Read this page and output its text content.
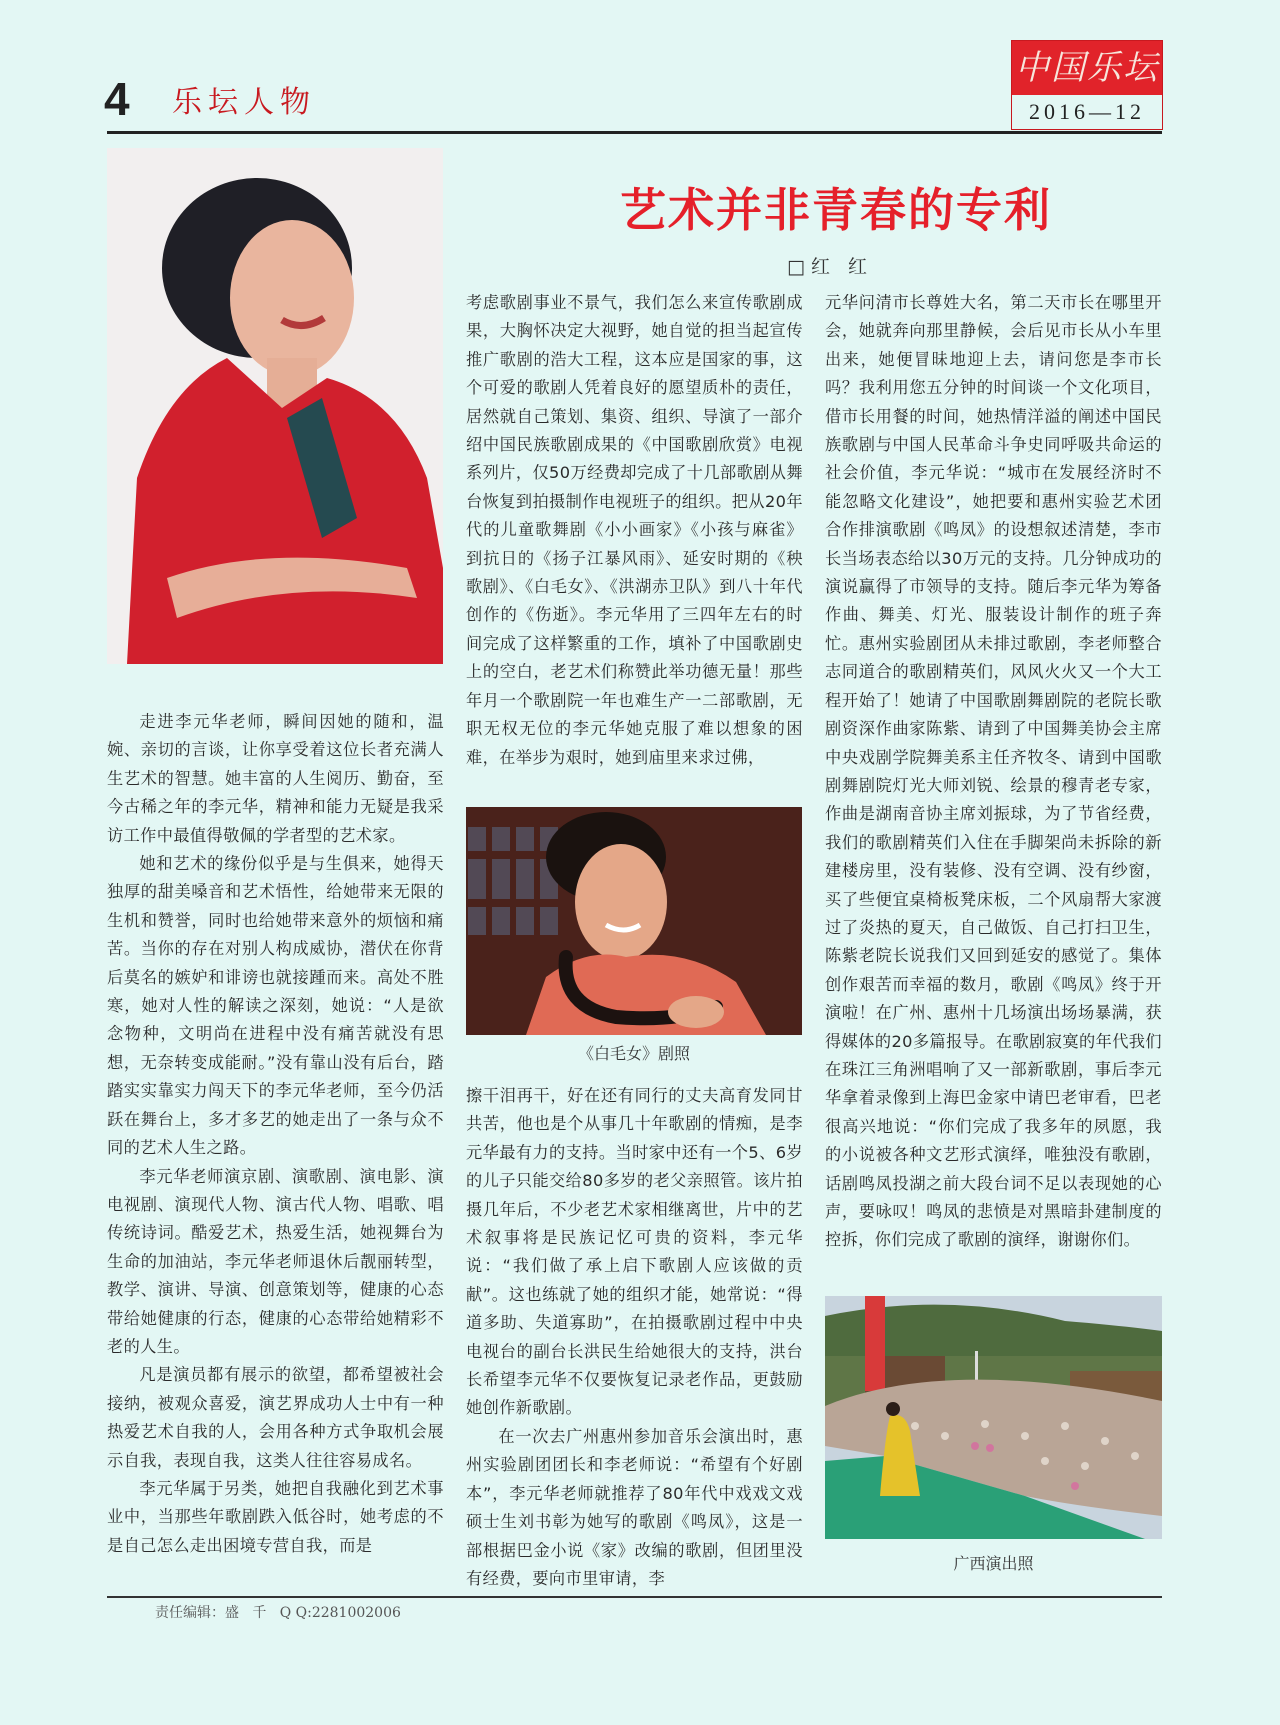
4 乐坛人物
中国乐坛
2016—12
艺术并非青春的专利
□红 红

走进李元华老师，瞬间因她的随和，温婉、亲切的言谈，让你享受着这位长者充满人生艺术的智慧。她丰富的人生阅历、勤奋，至今古稀之年的李元华，精神和能力无疑是我采访工作中最值得敬佩的学者型的艺术家。

她和艺术的缘份似乎是与生俱来，她得天独厚的甜美嗓音和艺术悟性，给她带来无限的生机和赞誉，同时也给她带来意外的烦恼和痛苦。当你的存在对别人构成威协，潜伏在你背后莫名的嫉妒和诽谤也就接踵而来。高处不胜寒，她对人性的解读之深刻，她说：“人是欲念物种，文明尚在进程中没有痛苦就没有思想，无奈转变成能耐。”没有靠山没有后台，踏踏实实靠实力闯天下的李元华老师，至今仍活跃在舞台上，多才多艺的她走出了一条与众不同的艺术人生之路。

李元华老师演京剧、演歌剧、演电影、演电视剧、演现代人物、演古代人物、唱歌、唱传统诗词。酷爱艺术，热爱生活，她视舞台为生命的加油站，李元华老师退休后靓丽转型，教学、演讲、导演、创意策划等，健康的心态带给她健康的行态，健康的心态带给她精彩不老的人生。

凡是演员都有展示的欲望，都希望被社会接纳，被观众喜爱，演艺界成功人士中有一种热爱艺术自我的人，会用各种方式争取机会展示自我，表现自我，这类人往往容易成名。

李元华属于另类，她把自我融化到艺术事业中，当那些年歌剧跌入低谷时，她考虑的不是自己怎么走出困境专营自我，而是

考虑歌剧事业不景气，我们怎么来宣传歌剧成果，大胸怀决定大视野，她自觉的担当起宣传推广歌剧的浩大工程，这本应是国家的事，这个可爱的歌剧人凭着良好的愿望质朴的责任，居然就自己策划、集资、组织、导演了一部介绍中国民族歌剧成果的《中国歌剧欣赏》电视系列片，仅50万经费却完成了十几部歌剧从舞台恢复到拍摄制作电视班子的组织。把从20年代的儿童歌舞剧《小小画家》《小孩与麻雀》到抗日的《扬子江暴风雨》、延安时期的《秧歌剧》、《白毛女》、《洪湖赤卫队》到八十年代创作的《伤逝》。李元华用了三四年左右的时间完成了这样繁重的工作，填补了中国歌剧史上的空白，老艺术们称赞此举功德无量！那些年月一个歌剧院一年也难生产一二部歌剧，无职无权无位的李元华她克服了难以想象的困难，在举步为艰时，她到庙里来求过佛，

《白毛女》剧照

擦干泪再干，好在还有同行的丈夫高育发同甘共苦，他也是个从事几十年歌剧的情痴，是李元华最有力的支持。当时家中还有一个5、6岁的儿子只能交给80多岁的老父亲照管。该片拍摄几年后，不少老艺术家相继离世，片中的艺术叙事将是民族记忆可贵的资料，李元华说：“我们做了承上启下歌剧人应该做的贡献”。这也练就了她的组织才能，她常说：“得道多助、失道寡助”，在拍摄歌剧过程中中央电视台的副台长洪民生给她很大的支持，洪台长希望李元华不仅要恢复记录老作品，更鼓励她创作新歌剧。

在一次去广州惠州参加音乐会演出时，惠州实验剧团团长和李老师说：“希望有个好剧本”，李元华老师就推荐了80年代中戏戏文戏硕士生刘书彰为她写的歌剧《鸣凤》，这是一部根据巴金小说《家》改编的歌剧，但团里没有经费，要向市里审请，李

元华问清市长尊姓大名，第二天市长在哪里开会，她就奔向那里静候，会后见市长从小车里出来，她便冒昧地迎上去，请问您是李市长吗？我利用您五分钟的时间谈一个文化项目，借市长用餐的时间，她热情洋溢的阐述中国民族歌剧与中国人民革命斗争史同呼吸共命运的社会价值，李元华说：“城市在发展经济时不能忽略文化建设”，她把要和惠州实验艺术团合作排演歌剧《鸣凤》的设想叙述清楚，李市长当场表态给以30万元的支持。几分钟成功的演说赢得了市领导的支持。随后李元华为筹备作曲、舞美、灯光、服装设计制作的班子奔忙。惠州实验剧团从未排过歌剧，李老师整合志同道合的歌剧精英们，风风火火又一个大工程开始了！她请了中国歌剧舞剧院的老院长歌剧资深作曲家陈紫、请到了中国舞美协会主席中央戏剧学院舞美系主任齐牧冬、请到中国歌剧舞剧院灯光大师刘锐、绘景的穆青老专家，作曲是湖南音协主席刘振球，为了节省经费，我们的歌剧精英们入住在手脚架尚未拆除的新建楼房里，没有装修、没有空调、没有纱窗，买了些便宜桌椅板凳床板，二个风扇帮大家渡过了炎热的夏天，自己做饭、自己打扫卫生，陈紫老院长说我们又回到延安的感觉了。集体创作艰苦而幸福的数月，歌剧《鸣凤》终于开演啦！在广州、惠州十几场演出场场暴满，获得媒体的20多篇报导。在歌剧寂寞的年代我们在珠江三角洲唱响了又一部新歌剧，事后李元华拿着录像到上海巴金家中请巴老审看，巴老很高兴地说：“你们完成了我多年的夙愿，我的小说被各种文艺形式演绎，唯独没有歌剧，话剧鸣凤投湖之前大段台词不足以表现她的心声，要咏叹！鸣凤的悲愤是对黑暗卦建制度的控拆，你们完成了歌剧的演绎，谢谢你们。

广西演出照
责任编辑：盛   千   Q Q:2281002006
